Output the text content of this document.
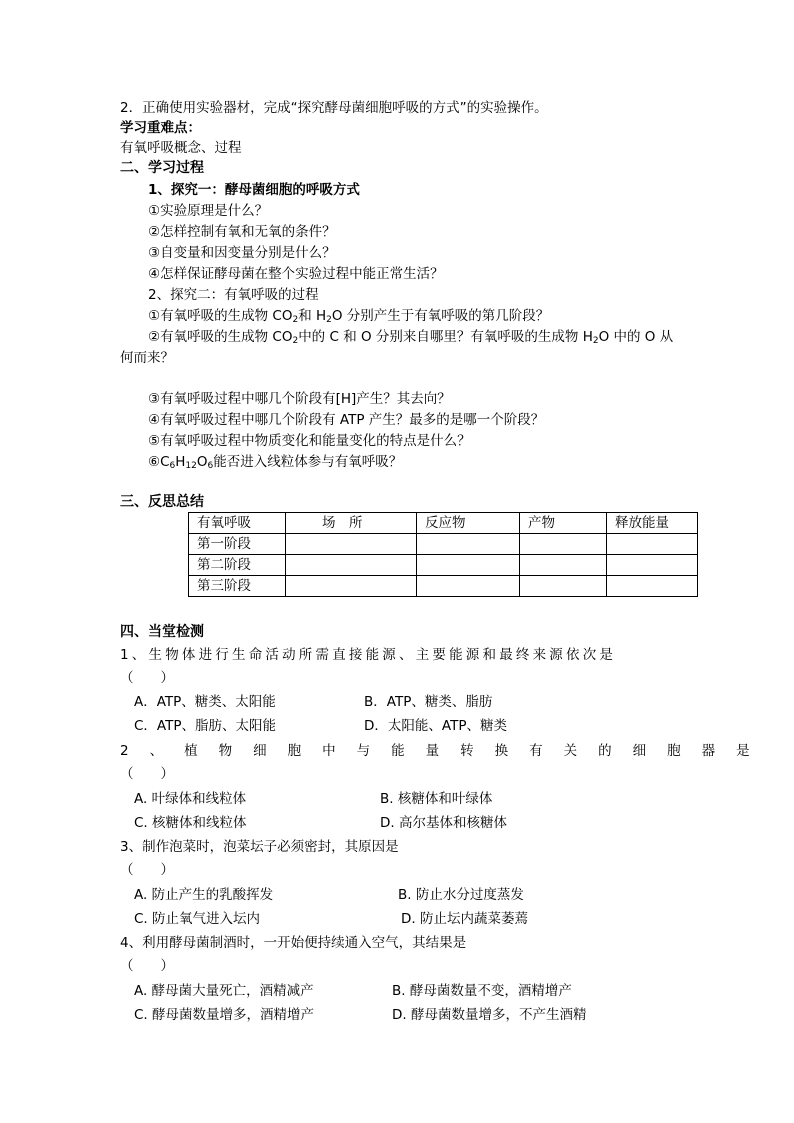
2．正确使用实验器材，完成“探究酵母菌细胞呼吸的方式”的实验操作。
学习重难点：
有氧呼吸概念、过程
二、学习过程
1、探究一：酵母菌细胞的呼吸方式
①实验原理是什么？
②怎样控制有氧和无氧的条件？
③自变量和因变量分别是什么？
④怎样保证酵母菌在整个实验过程中能正常生活？
2、探究二：有氧呼吸的过程
①有氧呼吸的生成物 $CO_2$和 $H_2O$ 分别产生于有氧呼吸的第几阶段？
②有氧呼吸的生成物 $CO_2$中的 C 和 O 分别来自哪里？有氧呼吸的生成物 $H_2O$ 中的 O 从
何而来？
③有氧呼吸过程中哪几个阶段有[H]产生？其去向？
④有氧呼吸过程中哪几个阶段有 ATP 产生？最多的是哪一个阶段？
⑤有氧呼吸过程中物质变化和能量变化的特点是什么？
$⑥C_6H_{12}O_6$能否进入线粒体参与有氧呼吸？
三、反思总结
有氧呼吸	场　所	反应物	产物	释放能量
第一阶段				
第二阶段				
第三阶段				
四、当堂检测
1、生物体进行生命活动所需直接能源、主要能源和最终来源依次是
（　　）
A．ATP、糖类、太阳能	B．ATP、糖类、脂肪
C．ATP、脂肪、太阳能	D．太阳能、ATP、糖类
2、植物细胞中与能量转换有关的细胞器是
（　　）
A. 叶绿体和线粒体	B. 核糖体和叶绿体
C. 核糖体和线粒体	D. 高尔基体和核糖体
3、制作泡菜时，泡菜坛子必须密封，其原因是
（　　）
A. 防止产生的乳酸挥发	B. 防止水分过度蒸发
C. 防止氧气进入坛内	D. 防止坛内蔬菜萎蔫
4、利用酵母菌制酒时，一开始便持续通入空气，其结果是
（　　）
A. 酵母菌大量死亡，酒精减产	B. 酵母菌数量不变，酒精增产
C. 酵母菌数量增多，酒精增产	D. 酵母菌数量增多，不产生酒精
